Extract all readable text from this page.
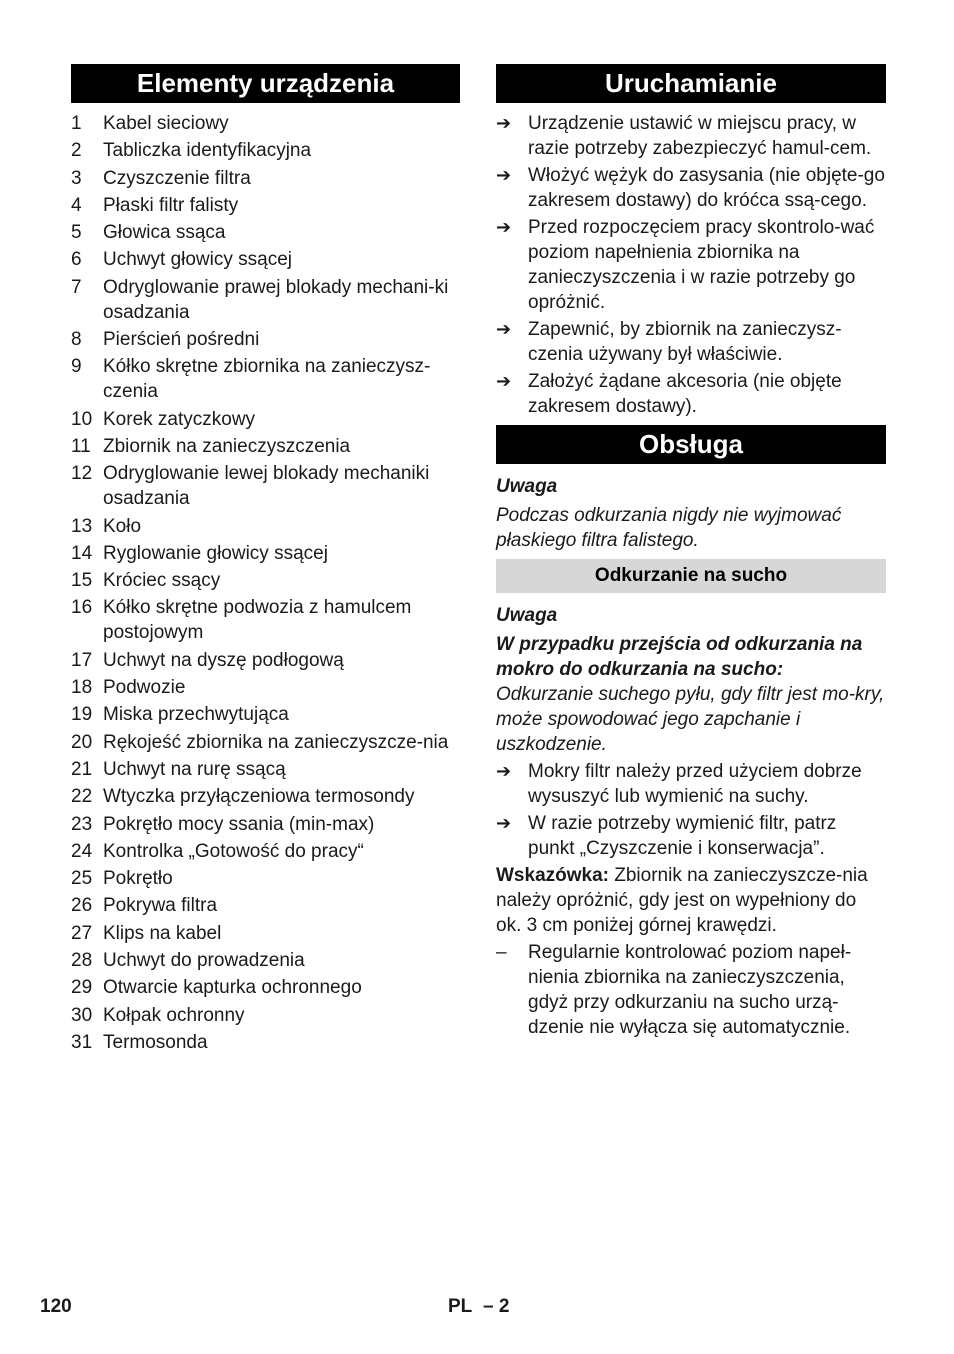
Elementy urządzenia
1	Kabel sieciowy
2	Tabliczka identyfikacyjna
3	Czyszczenie filtra
4	Płaski filtr falisty
5	Głowica ssąca
6	Uchwyt głowicy ssącej
7	Odryglowanie prawej blokady mechani-ki osadzania
8	Pierścień pośredni
9	Kółko skrętne zbiornika na zanieczysz-czenia
10 Korek zatyczkowy
11 Zbiornik na zanieczyszczenia
12 Odryglowanie lewej blokady mechaniki osadzania
13 Koło
14 Ryglowanie głowicy ssącej
15 Króciec ssący
16 Kółko skrętne podwozia z hamulcem postojowym
17 Uchwyt na dyszę podłogową
18 Podwozie
19 Miska przechwytująca
20 Rękojeść zbiornika na zanieczyszcze-nia
21 Uchwyt na rurę ssącą
22 Wtyczka przyłączeniowa termosondy
23 Pokrętło mocy ssania (min-max)
24 Kontrolka „Gotowość do pracy“
25 Pokrętło
26 Pokrywa filtra
27 Klips na kabel
28 Uchwyt do prowadzenia
29 Otwarcie kapturka ochronnego
30 Kołpak ochronny
31 Termosonda
Uruchamianie
➔ Urządzenie ustawić w miejscu pracy, w razie potrzeby zabezpieczyć hamul-cem.
➔ Włożyć wężyk do zasysania (nie objęte-go zakresem dostawy) do króćca ssą-cego.
➔ Przed rozpoczęciem pracy skontrolo-wać poziom napełnienia zbiornika na zanieczyszczenia i w razie potrzeby go opróżnić.
➔ Zapewnić, by zbiornik na zanieczysz-czenia używany był właściwie.
➔ Założyć żądane akcesoria (nie objęte zakresem dostawy).
Obsługa
Uwaga
Podczas odkurzania nigdy nie wyjmować płaskiego filtra falistego.
Odkurzanie na sucho
Uwaga
W przypadku przejścia od odkurzania na mokro do odkurzania na sucho:
Odkurzanie suchego pyłu, gdy filtr jest mo-kry, może spowodować jego zapchanie i uszkodzenie.
➔ Mokry filtr należy przed użyciem dobrze wysuszyć lub wymienić na suchy.
➔ W razie potrzeby wymienić filtr, patrz punkt „Czyszczenie i konserwacja”.
Wskazówka: Zbiornik na zanieczyszcze-nia należy opróżnić, gdy jest on wypełniony do ok. 3 cm poniżej górnej krawędzi.
–	Regularnie kontrolować poziom napeł-nienia zbiornika na zanieczyszczenia, gdyż przy odkurzaniu na sucho urzą-dzenie nie wyłącza się automatycznie.
120	PL – 2
